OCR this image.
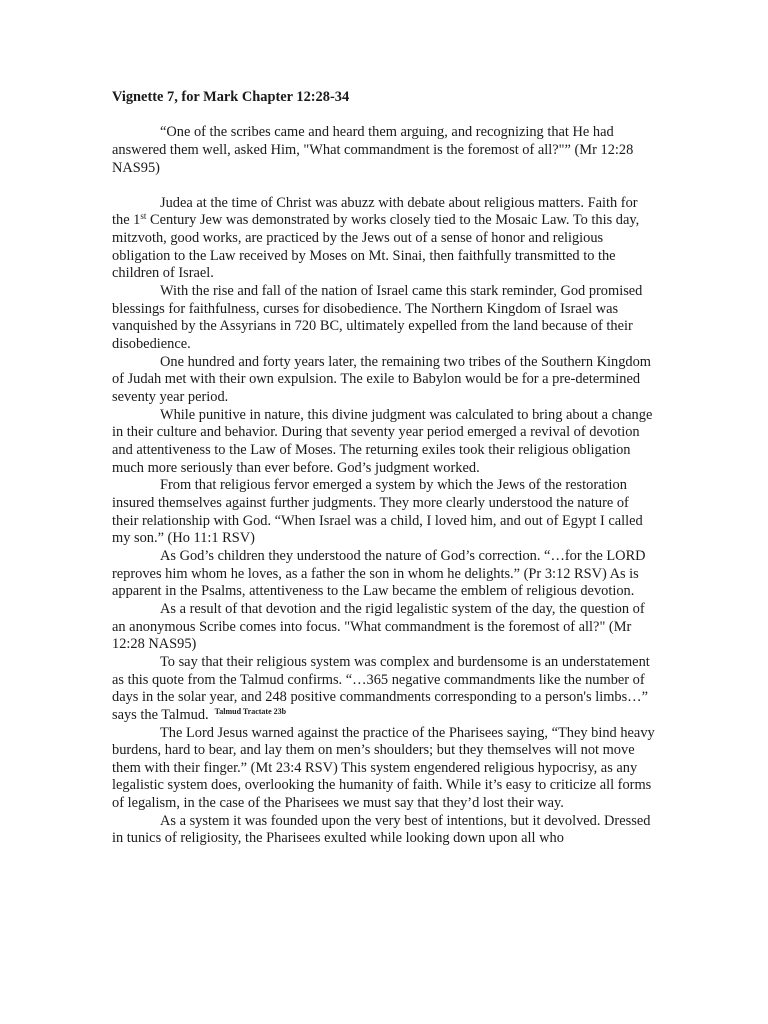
Vignette 7, for Mark Chapter 12:28-34

“One of the scribes came and heard them arguing, and recognizing that He had answered them well, asked Him, "What commandment is the foremost of all?"” (Mr 12:28 NAS95)

Judea at the time of Christ was abuzz with debate about religious matters. Faith for the 1st Century Jew was demonstrated by works closely tied to the Mosaic Law. To this day, mitzvoth, good works, are practiced by the Jews out of a sense of honor and religious obligation to the Law received by Moses on Mt. Sinai, then faithfully transmitted to the children of Israel.

With the rise and fall of the nation of Israel came this stark reminder, God promised blessings for faithfulness, curses for disobedience. The Northern Kingdom of Israel was vanquished by the Assyrians in 720 BC, ultimately expelled from the land because of their disobedience.

One hundred and forty years later, the remaining two tribes of the Southern Kingdom of Judah met with their own expulsion. The exile to Babylon would be for a pre-determined seventy year period.

While punitive in nature, this divine judgment was calculated to bring about a change in their culture and behavior. During that seventy year period emerged a revival of devotion and attentiveness to the Law of Moses. The returning exiles took their religious obligation much more seriously than ever before. God’s judgment worked.

From that religious fervor emerged a system by which the Jews of the restoration insured themselves against further judgments. They more clearly understood the nature of their relationship with God. “When Israel was a child, I loved him, and out of Egypt I called my son.” (Ho 11:1 RSV)

As God’s children they understood the nature of God’s correction. “…for the LORD reproves him whom he loves, as a father the son in whom he delights.” (Pr 3:12 RSV) As is apparent in the Psalms, attentiveness to the Law became the emblem of religious devotion.

As a result of that devotion and the rigid legalistic system of the day, the question of an anonymous Scribe comes into focus. "What commandment is the foremost of all?" (Mr 12:28 NAS95)

To say that their religious system was complex and burdensome is an understatement as this quote from the Talmud confirms. “…365 negative commandments like the number of days in the solar year, and 248 positive commandments corresponding to a person's limbs…” says the Talmud. $^{Talmud Tractate 23b}$

The Lord Jesus warned against the practice of the Pharisees saying, “They bind heavy burdens, hard to bear, and lay them on men’s shoulders; but they themselves will not move them with their finger.” (Mt 23:4 RSV) This system engendered religious hypocrisy, as any legalistic system does, overlooking the humanity of faith. While it’s easy to criticize all forms of legalism, in the case of the Pharisees we must say that they’d lost their way.

As a system it was founded upon the very best of intentions, but it devolved. Dressed in tunics of religiosity, the Pharisees exulted while looking down upon all who
